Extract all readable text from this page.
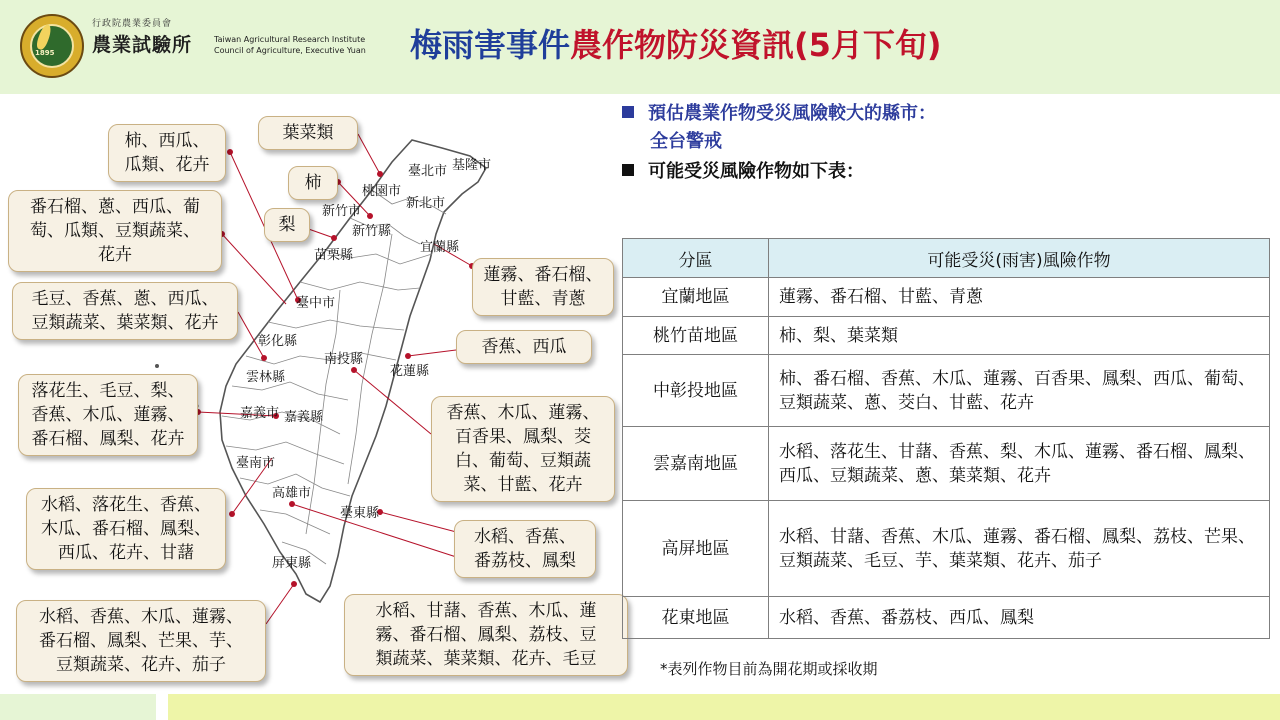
1895
行政院農業委員會
農業試驗所	Taiwan Agricultural Research Institute
Council of Agriculture, Executive Yuan 梅雨害事件農作物防災資訊(5月下旬)
臺北市 基隆市
新北市
桃園市
新竹市
新竹縣
苗栗縣
宜蘭縣
臺中市
彰化縣
南投縣
花蓮縣
雲林縣
嘉義市 嘉義縣
臺南市
高雄市
臺東縣
屏東縣
柿、西瓜、
瓜類、花卉
葉菜類
柿
梨
番石榴、蔥、西瓜、葡
萄、瓜類、豆類蔬菜、
花卉
毛豆、香蕉、蔥、西瓜、
豆類蔬菜、葉菜類、花卉
蓮霧、番石榴、
甘藍、青蔥
香蕉、西瓜
落花生、毛豆、梨、
香蕉、木瓜、蓮霧、
番石榴、鳳梨、花卉
香蕉、木瓜、蓮霧、
百香果、鳳梨、茭
白、葡萄、豆類蔬
菜、甘藍、花卉
水稻、落花生、香蕉、
木瓜、番石榴、鳳梨、
西瓜、花卉、甘藷
水稻、香蕉、
番荔枝、鳳梨
水稻、香蕉、木瓜、蓮霧、
番石榴、鳳梨、芒果、芋、
豆類蔬菜、花卉、茄子
水稻、甘藷、香蕉、木瓜、蓮
霧、番石榴、鳳梨、荔枝、豆
類蔬菜、葉菜類、花卉、毛豆
預估農業作物受災風險較大的縣市：
全台警戒
可能受災風險作物如下表：
分區	可能受災(雨害)風險作物
宜蘭地區	蓮霧、番石榴、甘藍、青蔥
桃竹苗地區	柿、梨、葉菜類
中彰投地區	柿、番石榴、香蕉、木瓜、蓮霧、百香果、鳳梨、西瓜、葡萄、豆類蔬菜、蔥、茭白、甘藍、花卉
雲嘉南地區	水稻、落花生、甘藷、香蕉、梨、木瓜、蓮霧、番石榴、鳳梨、西瓜、豆類蔬菜、蔥、葉菜類、花卉
高屏地區	水稻、甘藷、香蕉、木瓜、蓮霧、番石榴、鳳梨、荔枝、芒果、豆類蔬菜、毛豆、芋、葉菜類、花卉、茄子
花東地區	水稻、香蕉、番荔枝、西瓜、鳳梨
*表列作物目前為開花期或採收期
